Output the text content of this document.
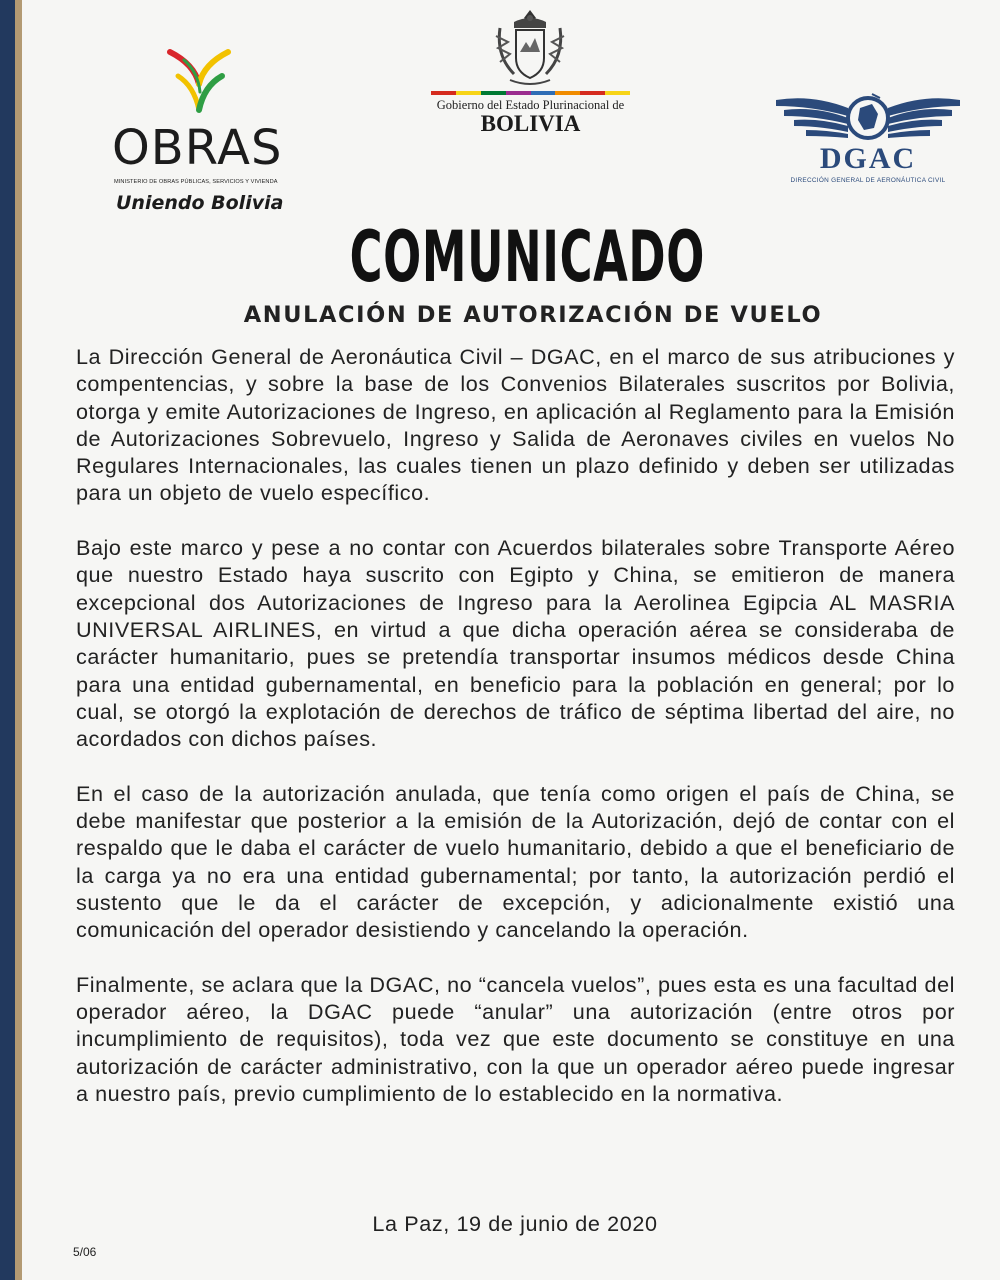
OBRAS
MINISTERIO DE OBRAS PÚBLICAS, SERVICIOS Y VIVIENDA
Uniendo Bolivia
Gobierno del Estado Plurinacional de
BOLIVIA
DGAC
DIRECCIÓN GENERAL DE AERONÁUTICA CIVIL
COMUNICADO
ANULACIÓN DE AUTORIZACIÓN DE VUELO

La Dirección General de Aeronáutica Civil – DGAC, en el marco de sus atribuciones y compentencias, y sobre la base de los Convenios Bilaterales suscritos por Bolivia, otorga y emite Autorizaciones de Ingreso, en aplicación al Reglamento para la Emisión de Autorizaciones Sobrevuelo, Ingreso y Salida de Aeronaves civiles en vuelos No Regulares Internacionales, las cuales tienen un plazo definido y deben ser utilizadas para un objeto de vuelo específico.

Bajo este marco y pese a no contar con Acuerdos bilaterales sobre Transporte Aéreo que nuestro Estado haya suscrito con Egipto y China, se emitieron de manera excepcional dos Autorizaciones de Ingreso para la Aerolinea Egipcia AL MASRIA UNIVERSAL AIRLINES, en virtud a que dicha operación aérea se consideraba de carácter humanitario, pues se pretendía transportar insumos médicos desde China para una entidad gubernamental, en beneficio para la población en general; por lo cual, se otorgó la explotación de derechos de tráfico de séptima libertad del aire, no acordados con dichos países.

En el caso de la autorización anulada, que tenía como origen el país de China, se debe manifestar que posterior a la emisión de la Autorización, dejó de contar con el respaldo que le daba el carácter de vuelo humanitario, debido a que el beneficiario de la carga ya no era una entidad gubernamental; por tanto, la autorización perdió el sustento que le da el carácter de excepción, y adicionalmente existió una comunicación del operador desistiendo y cancelando la operación.

Finalmente, se aclara que la DGAC, no “cancela vuelos”, pues esta es una facultad del operador aéreo, la DGAC puede “anular” una autorización (entre otros por incumplimiento de requisitos), toda vez que este documento se constituye en una autorización de carácter administrativo, con la que un operador aéreo puede ingresar a nuestro país, previo cumplimiento de lo establecido en la normativa.

La Paz, 19 de junio de 2020
5/06
